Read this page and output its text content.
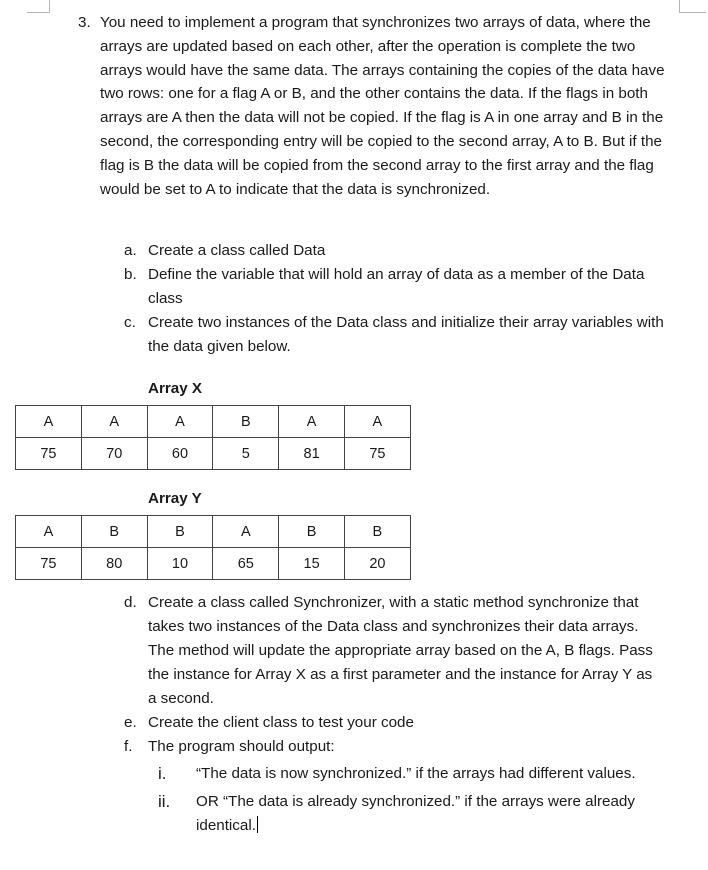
3. You need to implement a program that synchronizes two arrays of data, where the arrays are updated based on each other, after the operation is complete the two arrays would have the same data. The arrays containing the copies of the data have two rows: one for a flag A or B, and the other contains the data. If the flags in both arrays are A then the data will not be copied. If the flag is A in one array and B in the second, the corresponding entry will be copied to the second array, A to B. But if the flag is B the data will be copied from the second array to the first array and the flag would be set to A to indicate that the data is synchronized.
a. Create a class called Data
b. Define the variable that will hold an array of data as a member of the Data class
c. Create two instances of the Data class and initialize their array variables with the data given below.
Array X
A	A	A	B	A	A
75	70	60	5	81	75
Array Y
A	B	B	A	B	B
75	80	10	65	15	20
d. Create a class called Synchronizer, with a static method synchronize that takes two instances of the Data class and synchronizes their data arrays. The method will update the appropriate array based on the A, B flags. Pass the instance for Array X as a first parameter and the instance for Array Y as a second.
e. Create the client class to test your code
f. The program should output:
i. “The data is now synchronized.” if the arrays had different values.
ii. OR “The data is already synchronized.” if the arrays were already identical.
